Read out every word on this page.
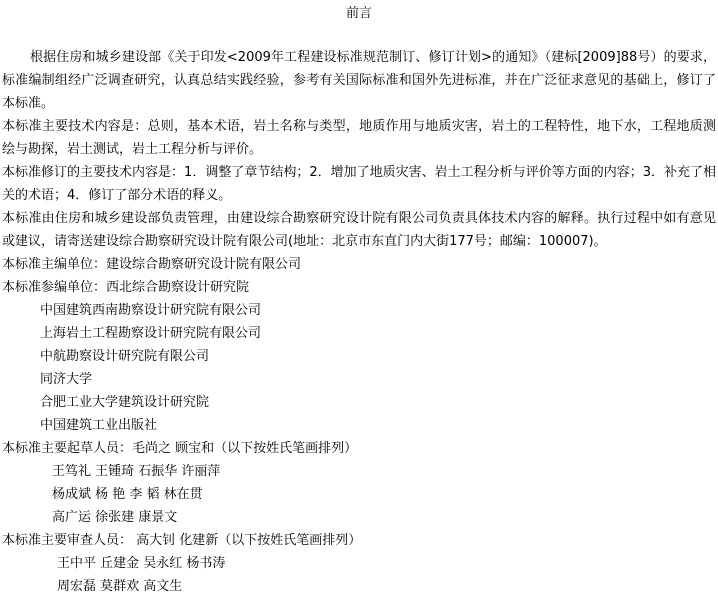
前言

根据住房和城乡建设部《关于印发<2009年工程建设标准规范制订、修订计划>的通知》（建标[2009]88号）的要求，标准编制组经广泛调查研究，认真总结实践经验，参考有关国际标准和国外先进标准，并在广泛征求意见的基础上，修订了本标准。

本标准主要技术内容是：总则，基本术语，岩土名称与类型，地质作用与地质灾害，岩土的工程特性，地下水，工程地质测绘与勘探，岩土测试，岩土工程分析与评价。

本标准修订的主要技术内容是：1．调整了章节结构；2．增加了地质灾害、岩土工程分析与评价等方面的内容；3．补充了相关的术语；4．修订了部分术语的释义。

本标准由住房和城乡建设部负责管理，由建设综合勘察研究设计院有限公司负责具体技术内容的解释。执行过程中如有意见或建议，请寄送建设综合勘察研究设计院有限公司(地址：北京市东直门内大街177号；邮编：100007)。

本标准主编单位：建设综合勘察研究设计院有限公司

本标准参编单位：西北综合勘察设计研究院

中国建筑西南勘察设计研究院有限公司

上海岩土工程勘察设计研究院有限公司

中航勘察设计研究院有限公司

同济大学

合肥工业大学建筑设计研究院

中国建筑工业出版社

本标准主要起草人员：毛尚之 顾宝和（以下按姓氏笔画排列）

王笃礼 王锺琦 石振华 许丽萍

杨成斌 杨 艳 李 韬 林在贯

高广运 徐张建 康景文

本标准主要审查人员： 高大钊 化建新（以下按姓氏笔画排列）

王中平 丘建金 吴永红 杨书涛

周宏磊 莫群欢 高文生
